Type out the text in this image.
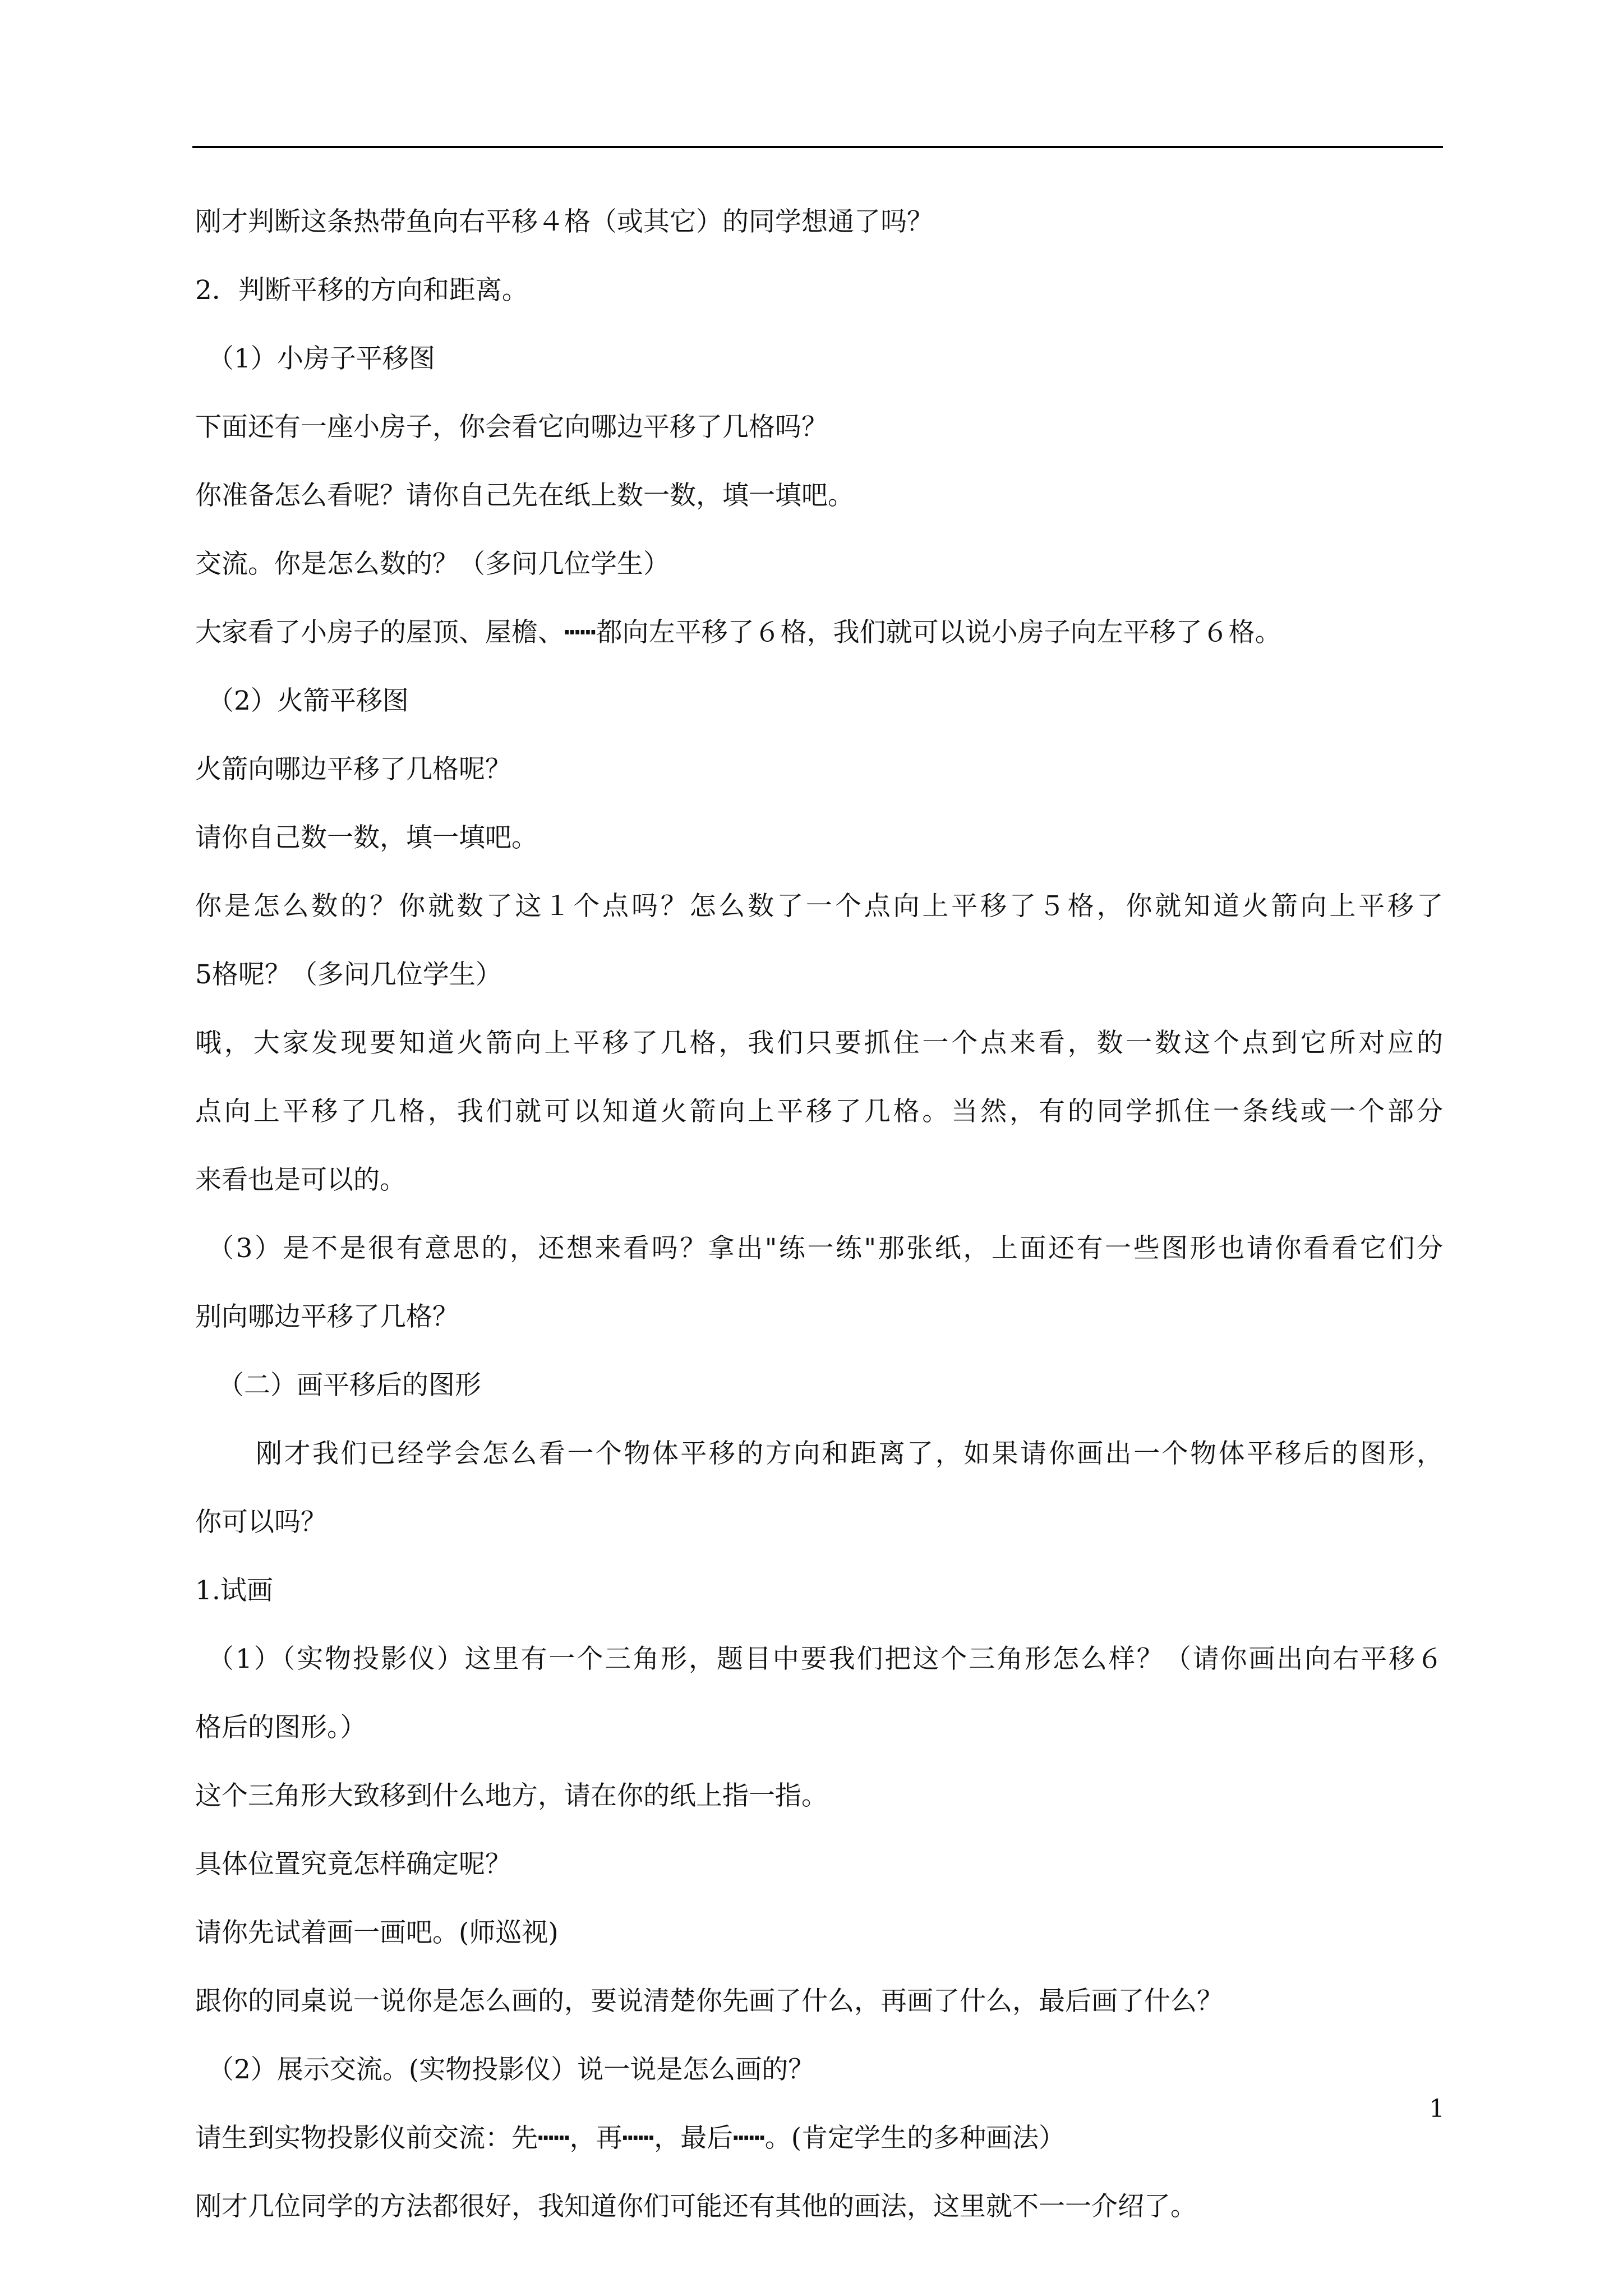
刚才判断这条热带鱼向右平移４格（或其它）的同学想通了吗？
2．判断平移的方向和距离。
（1）小房子平移图
下面还有一座小房子，你会看它向哪边平移了几格吗？
你准备怎么看呢？请你自己先在纸上数一数，填一填吧。
交流。你是怎么数的？（多问几位学生）
大家看了小房子的屋顶、屋檐、┅┅都向左平移了６格，我们就可以说小房子向左平移了６格。
（2）火箭平移图
火箭向哪边平移了几格呢？
请你自己数一数，填一填吧。
你是怎么数的？你就数了这１个点吗？怎么数了一个点向上平移了５格，你就知道火箭向上平移了
5格呢？（多问几位学生）
哦，大家发现要知道火箭向上平移了几格，我们只要抓住一个点来看，数一数这个点到它所对应的
点向上平移了几格，我们就可以知道火箭向上平移了几格。当然，有的同学抓住一条线或一个部分
来看也是可以的。
（3）是不是很有意思的，还想来看吗？拿出"练一练"那张纸，上面还有一些图形也请你看看它们分
别向哪边平移了几格？
（二）画平移后的图形
刚才我们已经学会怎么看一个物体平移的方向和距离了，如果请你画出一个物体平移后的图形，
你可以吗？
1.试画
（1）（实物投影仪）这里有一个三角形，题目中要我们把这个三角形怎么样？（请你画出向右平移６
格后的图形。）
这个三角形大致移到什么地方，请在你的纸上指一指。
具体位置究竟怎样确定呢？
请你先试着画一画吧。(师巡视)
跟你的同桌说一说你是怎么画的，要说清楚你先画了什么，再画了什么，最后画了什么？
（2）展示交流。(实物投影仪）说一说是怎么画的？
请生到实物投影仪前交流：先┅┅，再┅┅，最后┅┅。(肯定学生的多种画法）
刚才几位同学的方法都很好，我知道你们可能还有其他的画法，这里就不一一介绍了。
1
